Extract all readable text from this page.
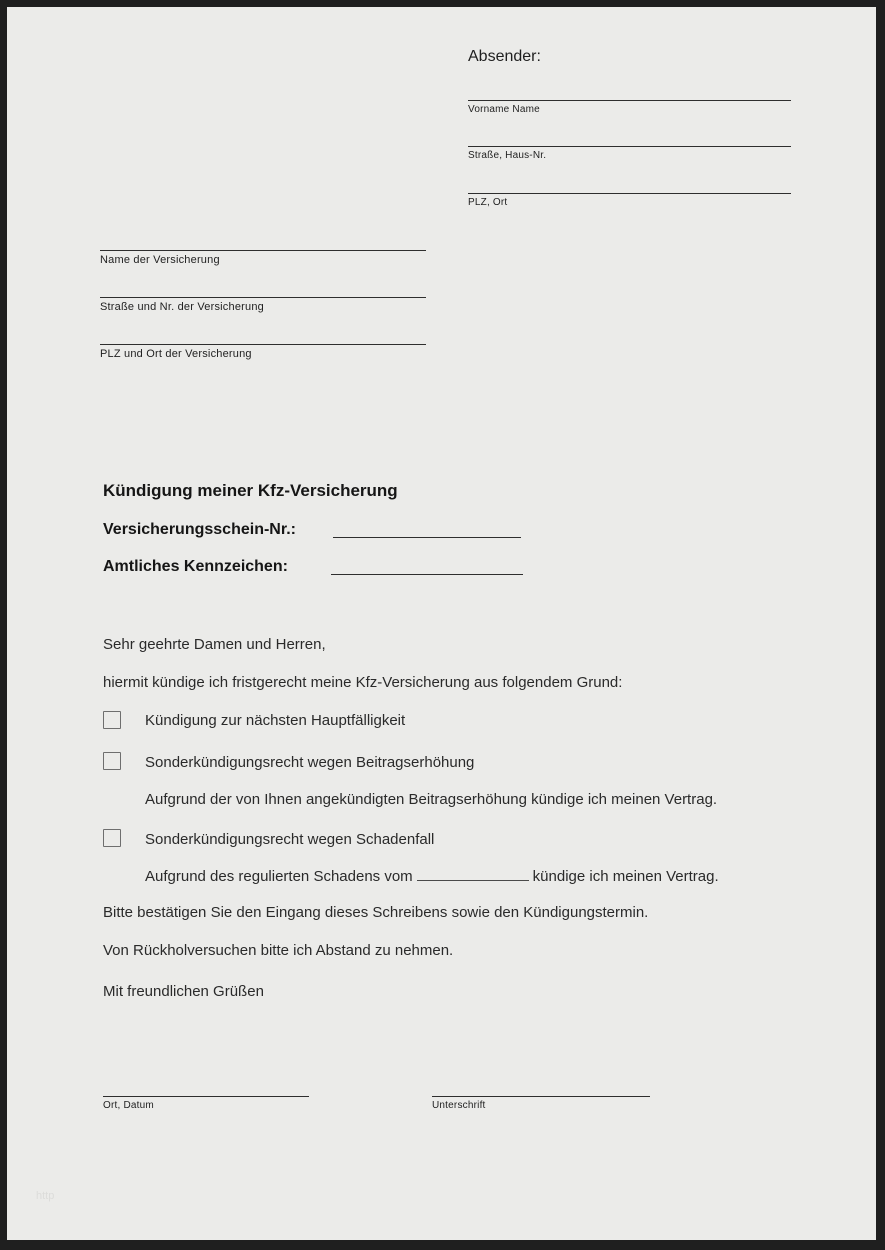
Absender:
Vorname Name
Straße, Haus-Nr.
PLZ, Ort
Name der Versicherung
Straße und Nr. der Versicherung
PLZ und Ort der Versicherung
Kündigung meiner Kfz-Versicherung
Versicherungsschein-Nr.:
Amtliches Kennzeichen:
Sehr geehrte Damen und Herren,
hiermit kündige ich fristgerecht meine Kfz-Versicherung aus folgendem Grund:
Kündigung zur nächsten Hauptfälligkeit
Sonderkündigungsrecht wegen Beitragserhöhung
Aufgrund der von Ihnen angekündigten Beitragserhöhung kündige ich meinen Vertrag.
Sonderkündigungsrecht wegen Schadenfall
Aufgrund des regulierten Schadens vom	kündige ich meinen Vertrag.
Bitte bestätigen Sie den Eingang dieses Schreibens sowie den Kündigungstermin.
Von Rückholversuchen bitte ich Abstand zu nehmen.
Mit freundlichen Grüßen
Ort, Datum	Unterschrift
http
